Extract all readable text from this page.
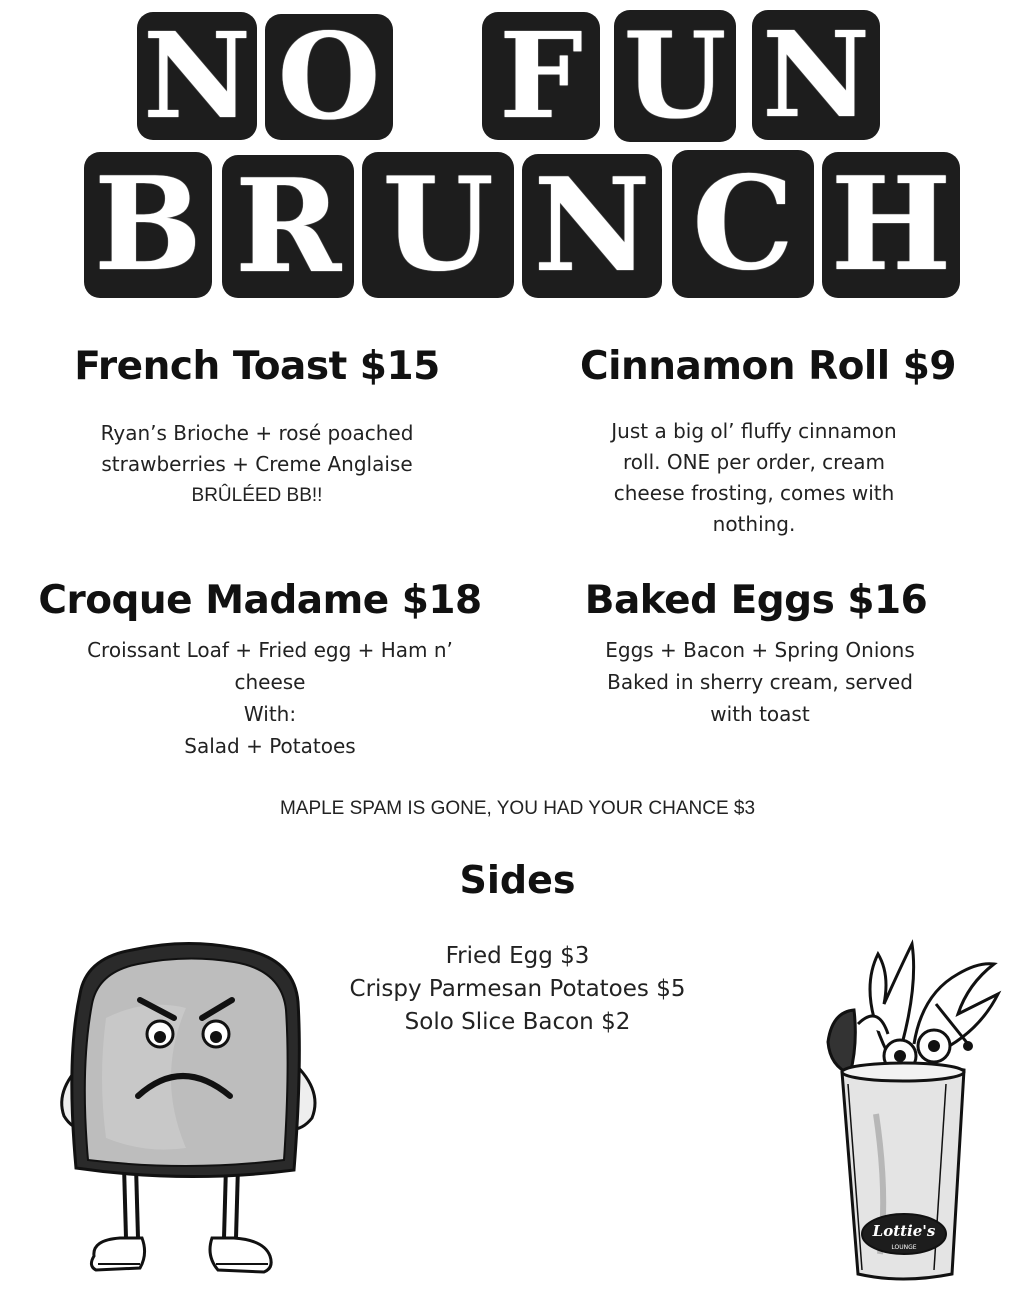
N O F U N
B R U N C H
French Toast $15
Ryan’s Brioche + rosé poached
strawberries + Creme Anglaise
BRÛLÉED BB!!
Cinnamon Roll $9
Just a big ol’ fluffy cinnamon
roll. ONE per order, cream
cheese frosting, comes with
nothing.
Croque Madame $18
Croissant Loaf + Fried egg + Ham n’
cheese
With:
Salad + Potatoes
Baked Eggs $16
Eggs + Bacon + Spring Onions
Baked in sherry cream, served
with toast
MAPLE SPAM IS GONE, YOU HAD YOUR CHANCE $3
Sides
Fried Egg $3
Crispy Parmesan Potatoes $5
Solo Slice Bacon $2
Lottie's
LOUNGE
